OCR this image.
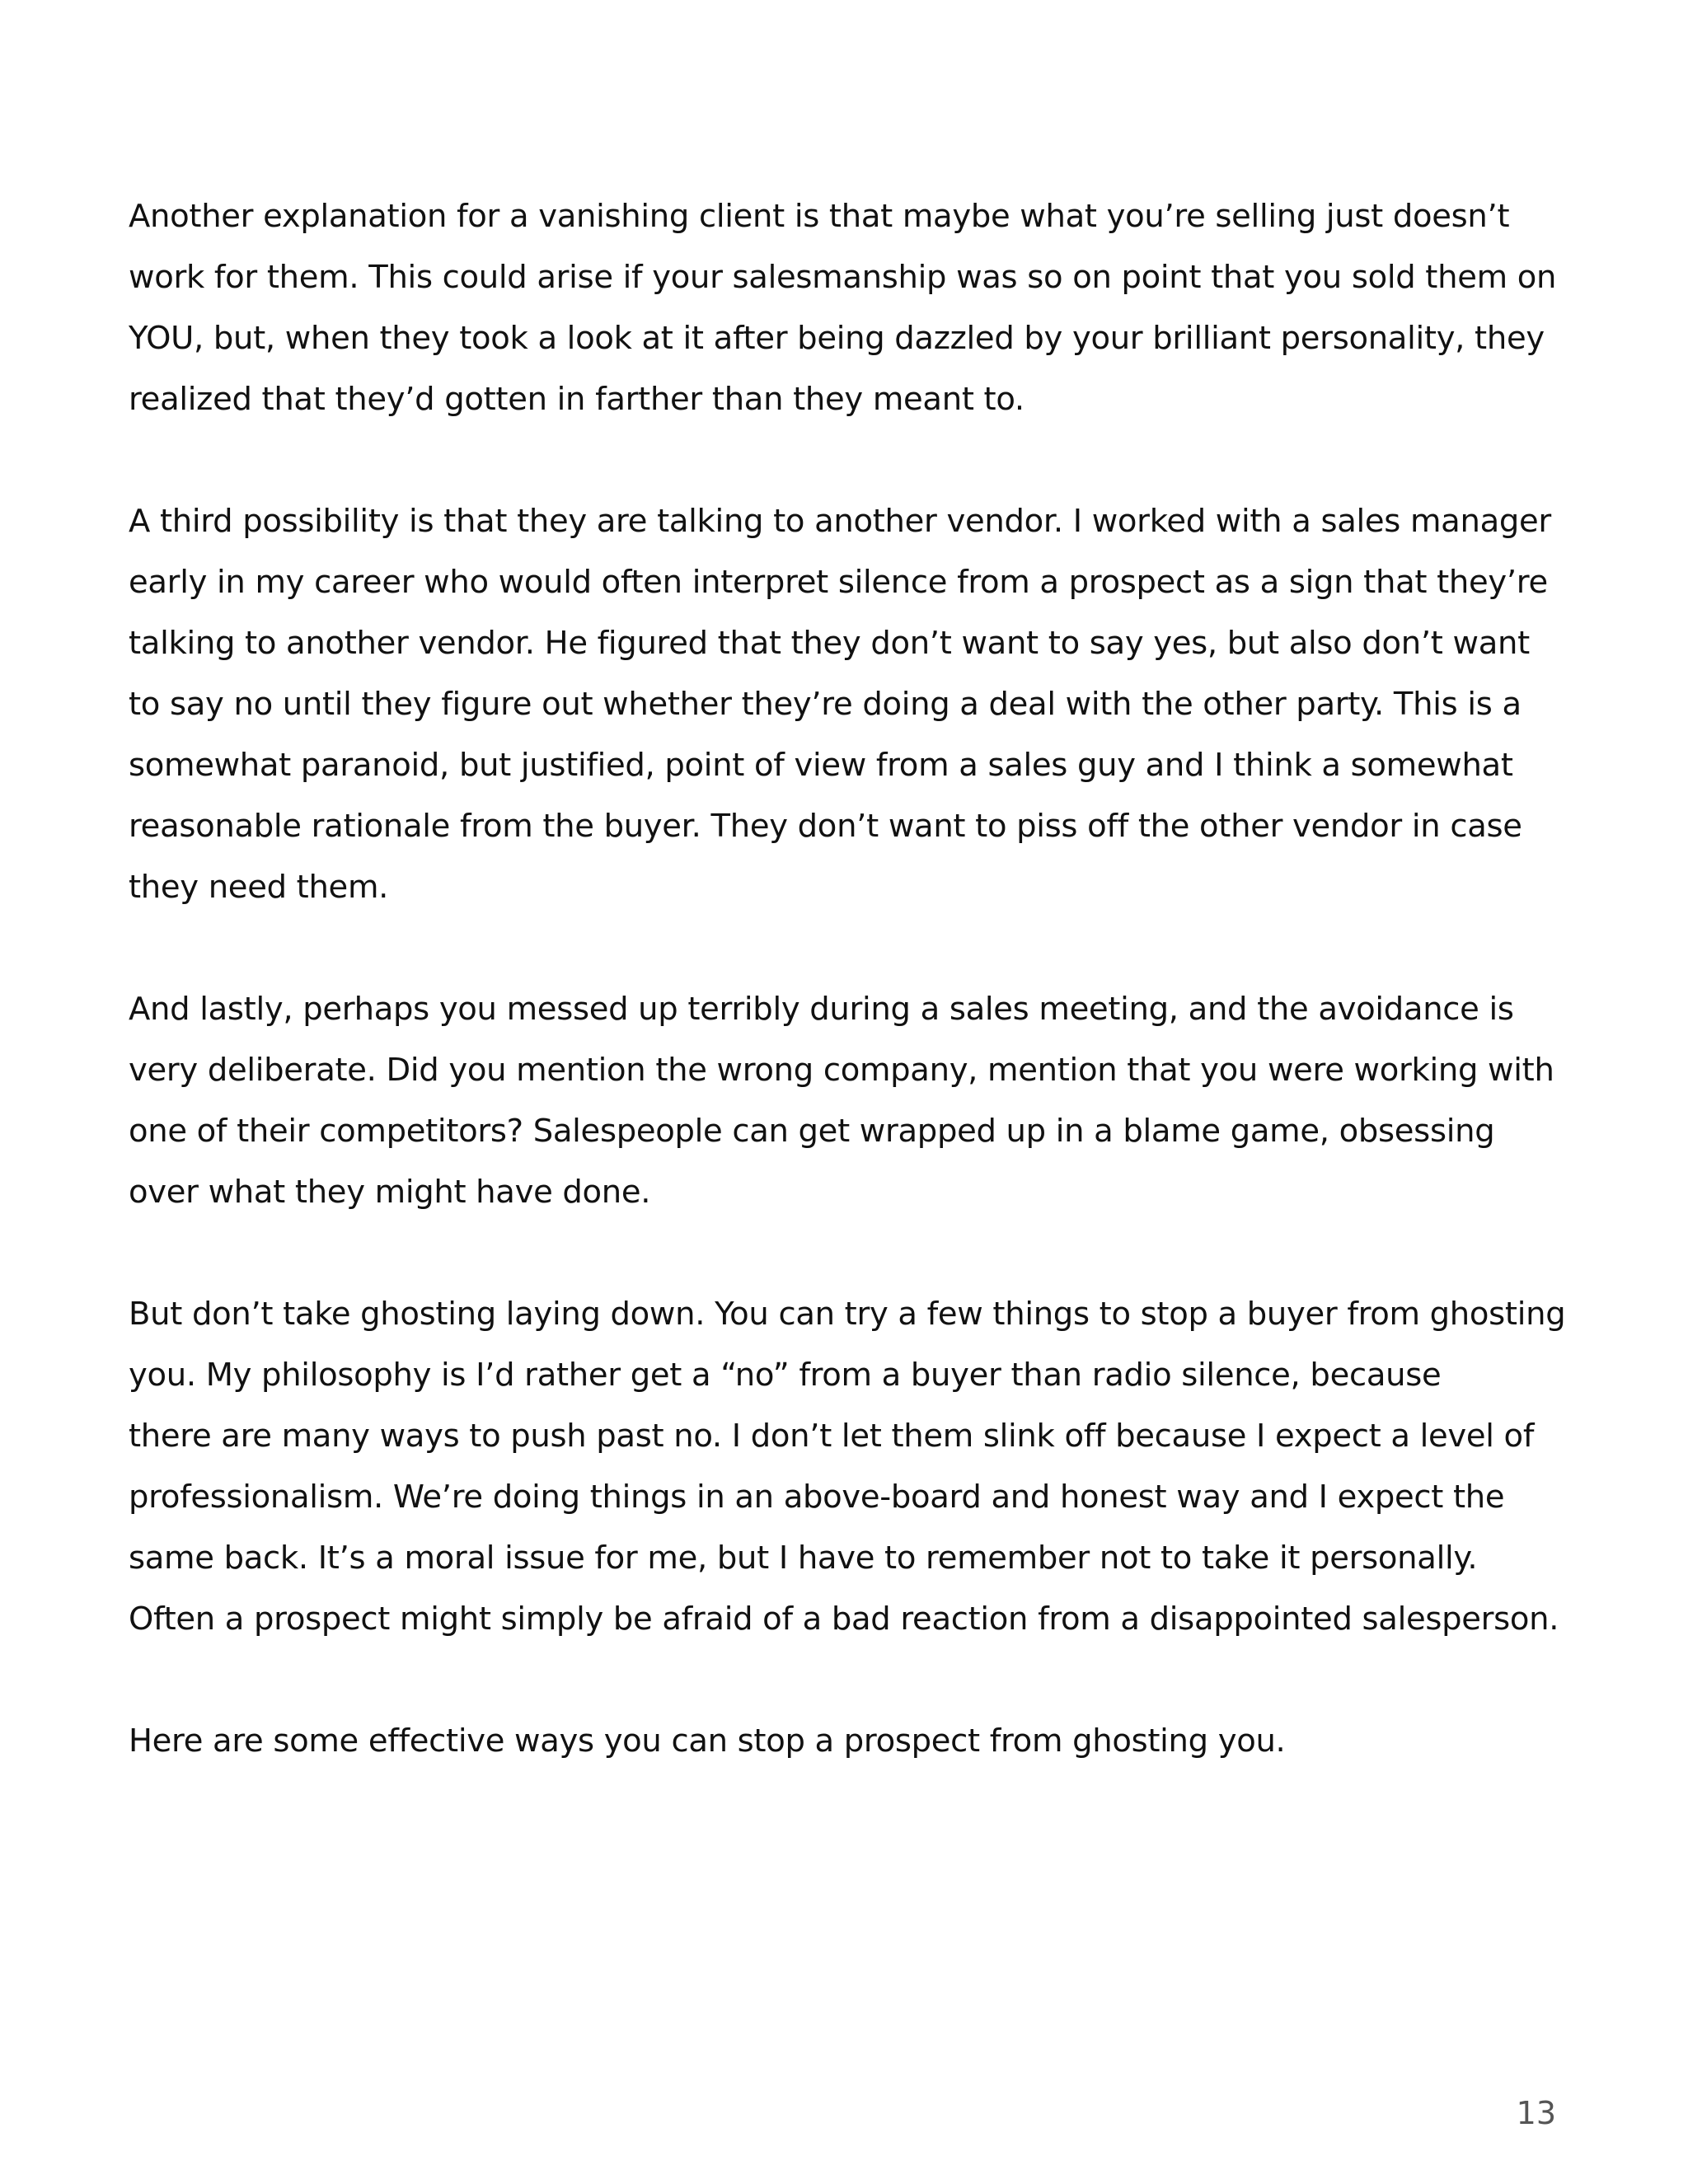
Another explanation for a vanishing client is that maybe what you’re selling just doesn’t
work for them. This could arise if your salesmanship was so on point that you sold them on
YOU, but, when they took a look at it after being dazzled by your brilliant personality, they
realized that they’d gotten in farther than they meant to.

A third possibility is that they are talking to another vendor. I worked with a sales manager
early in my career who would often interpret silence from a prospect as a sign that they’re
talking to another vendor. He figured that they don’t want to say yes, but also don’t want
to say no until they figure out whether they’re doing a deal with the other party. This is a
somewhat paranoid, but justified, point of view from a sales guy and I think a somewhat
reasonable rationale from the buyer. They don’t want to piss off the other vendor in case
they need them.

And lastly, perhaps you messed up terribly during a sales meeting, and the avoidance is
very deliberate. Did you mention the wrong company, mention that you were working with
one of their competitors? Salespeople can get wrapped up in a blame game, obsessing
over what they might have done.

But don’t take ghosting laying down. You can try a few things to stop a buyer from ghosting
you. My philosophy is I’d rather get a “no” from a buyer than radio silence, because
there are many ways to push past no. I don’t let them slink off because I expect a level of
professionalism. We’re doing things in an above-board and honest way and I expect the
same back. It’s a moral issue for me, but I have to remember not to take it personally.
Often a prospect might simply be afraid of a bad reaction from a disappointed salesperson.

Here are some effective ways you can stop a prospect from ghosting you.

13
